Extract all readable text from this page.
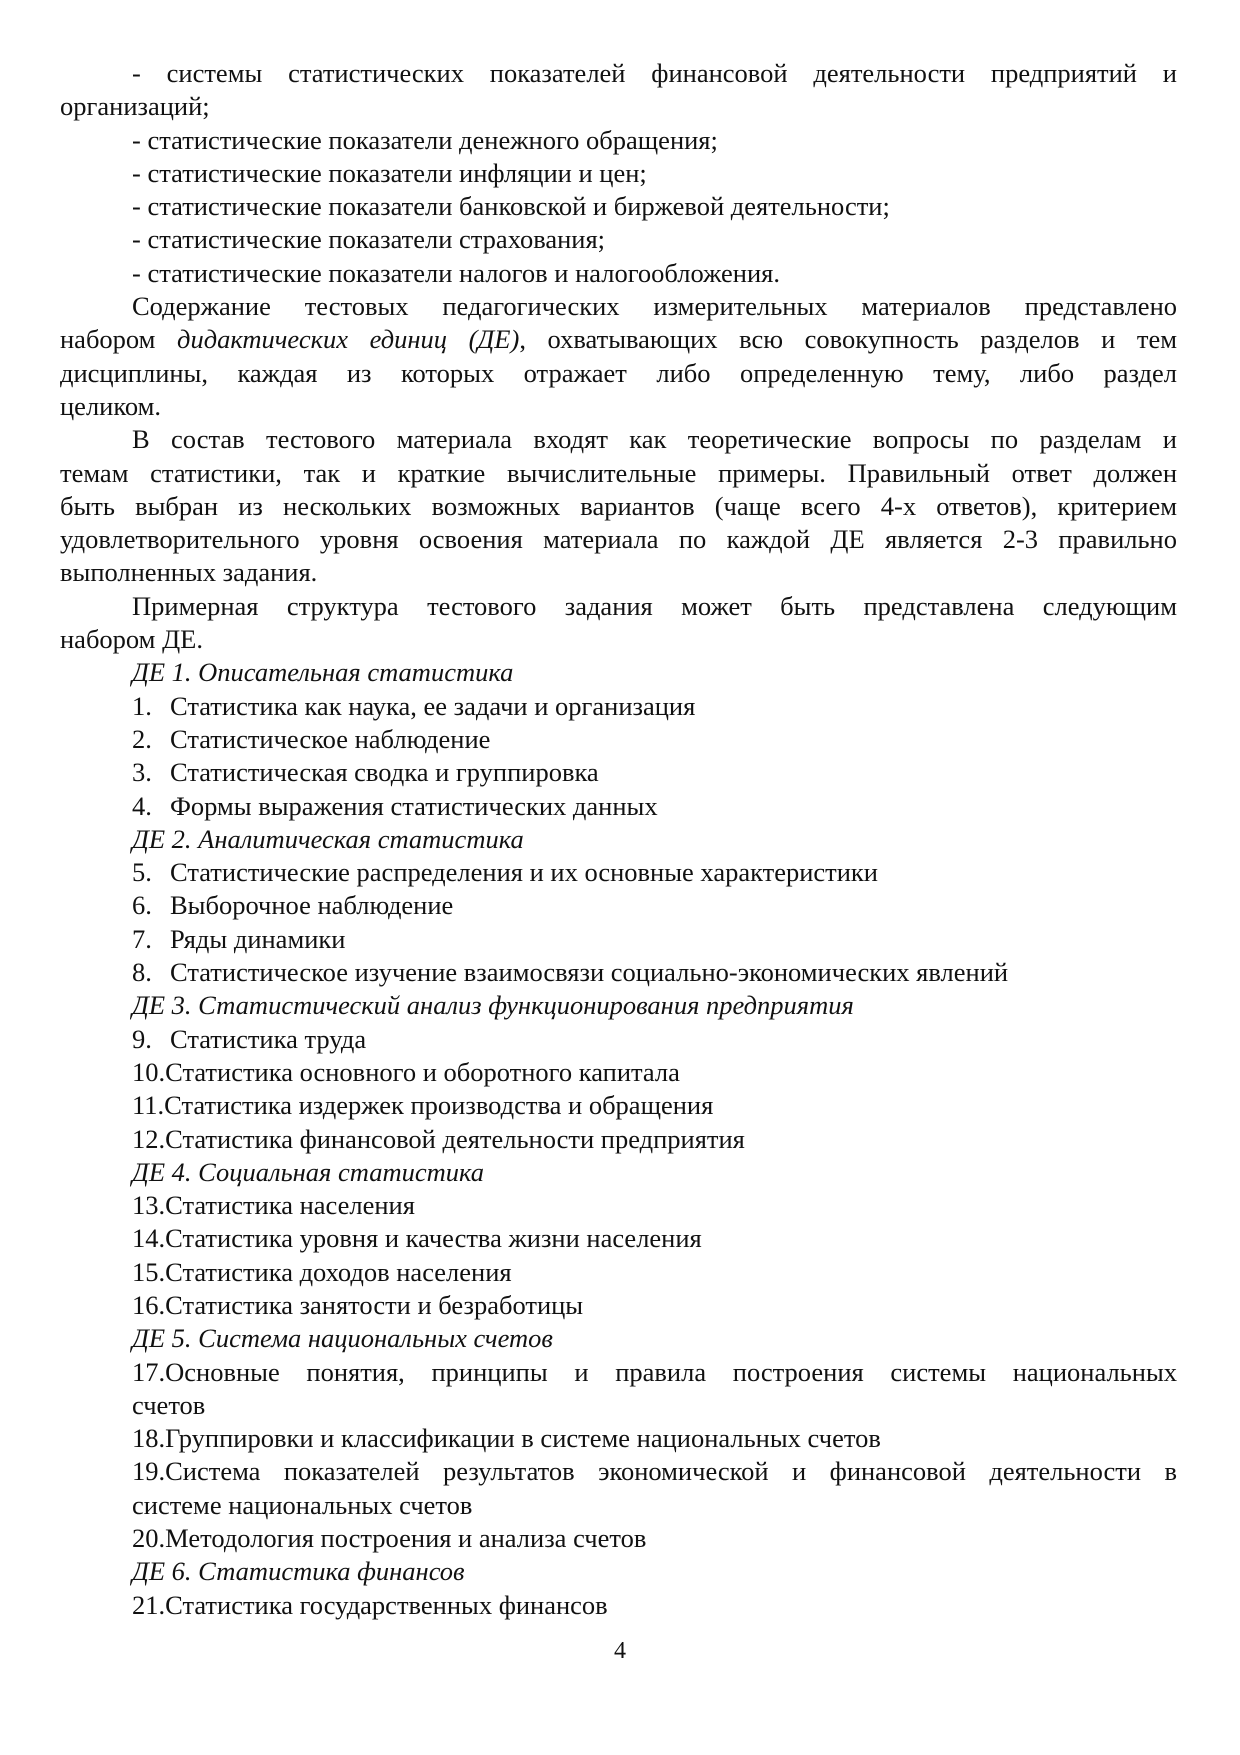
- системы статистических показателей финансовой деятельности предприятий и
организаций;
- статистические показатели денежного обращения;
- статистические показатели инфляции и цен;
- статистические показатели банковской и биржевой деятельности;
- статистические показатели страхования;
- статистические показатели налогов и налогообложения.
Содержание тестовых педагогических измерительных материалов представлено
набором дидактических единиц (ДЕ), охватывающих всю совокупность разделов и тем
дисциплины, каждая из которых отражает либо определенную тему, либо раздел
целиком.
В состав тестового материала входят как теоретические вопросы по разделам и
темам статистики, так и краткие вычислительные примеры. Правильный ответ должен
быть выбран из нескольких возможных вариантов (чаще всего 4-х ответов), критерием
удовлетворительного уровня освоения материала по каждой ДЕ является 2-3 правильно
выполненных задания.
Примерная структура тестового задания может быть представлена следующим
набором ДЕ.
ДЕ 1. Описательная статистика
1. Статистика как наука, ее задачи и организация
2. Статистическое наблюдение
3. Статистическая сводка и группировка
4. Формы выражения статистических данных
ДЕ 2. Аналитическая статистика
5. Статистические распределения и их основные характеристики
6. Выборочное наблюдение
7. Ряды динамики
8. Статистическое изучение взаимосвязи социально-экономических явлений
ДЕ 3. Статистический анализ функционирования предприятия
9. Статистика труда
10.Статистика основного и оборотного капитала
11.Статистика издержек производства и обращения
12.Статистика финансовой деятельности предприятия
ДЕ 4. Социальная статистика
13.Статистика населения
14.Статистика уровня и качества жизни населения
15.Статистика доходов населения
16.Статистика занятости и безработицы
ДЕ 5. Система национальных счетов
17.Основные понятия, принципы и правила построения системы национальных
счетов
18.Группировки и классификации в системе национальных счетов
19.Система показателей результатов экономической и финансовой деятельности в
системе национальных счетов
20.Методология построения и анализа счетов
ДЕ 6. Статистика финансов
21.Статистика государственных финансов
4
